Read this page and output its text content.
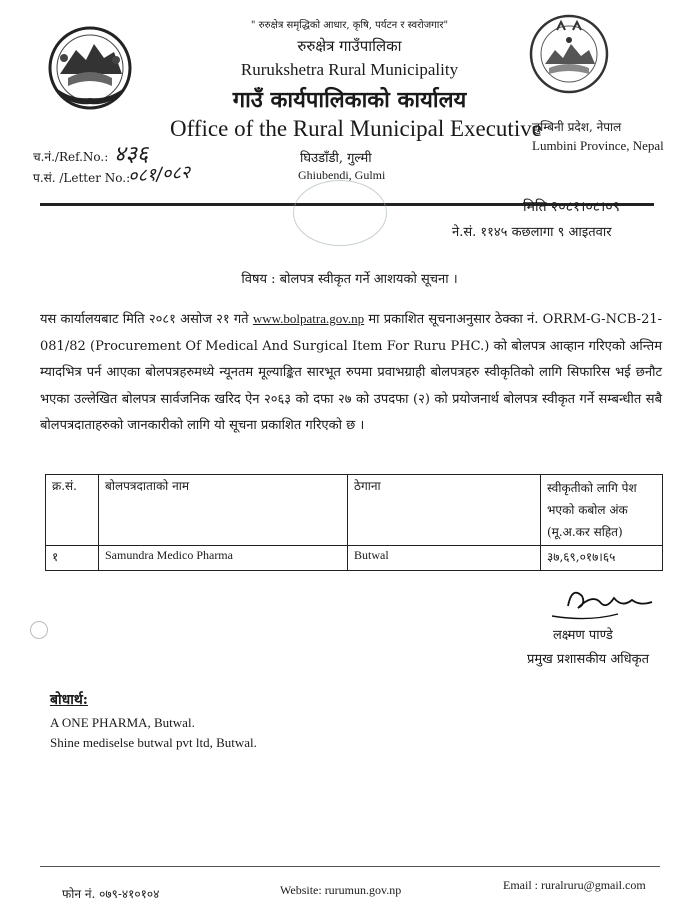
" रुरुक्षेत्र समृद्धिको आधार, कृषि, पर्यटन र स्वरोजगार"
रुरुक्षेत्र गाउँपालिका
Rurukshetra Rural Municipality
गाउँ कार्यपालिकाको कार्यालय
Office of the Rural Municipal Executive
लुम्बिनी प्रदेश, नेपाल
Lumbini Province, Nepal
च.नं./Ref.No.: ४३६
प.सं. /Letter No.:
०८१/०८२
घिउडाँडी, गुल्मी
Ghiubendi, Gulmi
मिति २०८१।०८।०९
ने.सं. ११४५ कछलागा ९ आइतवार
विषय : बोलपत्र स्वीकृत गर्ने आशयको सूचना ।
यस कार्यालयबाट मिति २०८१ असोज २१ गते www.bolpatra.gov.np मा प्रकाशित सूचनाअनुसार ठेक्का नं. ORRM-G-NCB-21-081/82 (Procurement Of Medical And Surgical Item For Ruru PHC.) को बोलपत्र आव्हान गरिएको अन्तिम म्यादभित्र पर्न आएका बोलपत्रहरुमध्ये न्यूनतम मूल्याङ्कित सारभूत रुपमा प्रवाभग्राही बोलपत्रहरु स्वीकृतिको लागि सिफारिस भई छनौट भएका उल्लेखित बोलपत्र सार्वजनिक खरिद ऐन २०६३ को दफा २७ को उपदफा (२) को प्रयोजनार्थ बोलपत्र स्वीकृत गर्ने सम्बन्धीत सबै बोलपत्रदाताहरुको जानकारीको लागि यो सूचना प्रकाशित गरिएको छ ।
क्र.सं.	बोलपत्रदाताको नाम	ठेगाना	स्वीकृतीको लागि पेश भएको कबोल अंक (मू.अ.कर सहित)
१	Samundra Medico Pharma	Butwal	३७,६९,०१७।६५
लक्ष्मण पाण्डे
प्रमुख प्रशासकीय अधिकृत
बोधार्थ:
A ONE PHARMA, Butwal.
Shine mediselse butwal pvt ltd, Butwal.
फोन नं. ०७९-४१०१०४	Website: rurumun.gov.np	Email : ruralruru@gmail.com
